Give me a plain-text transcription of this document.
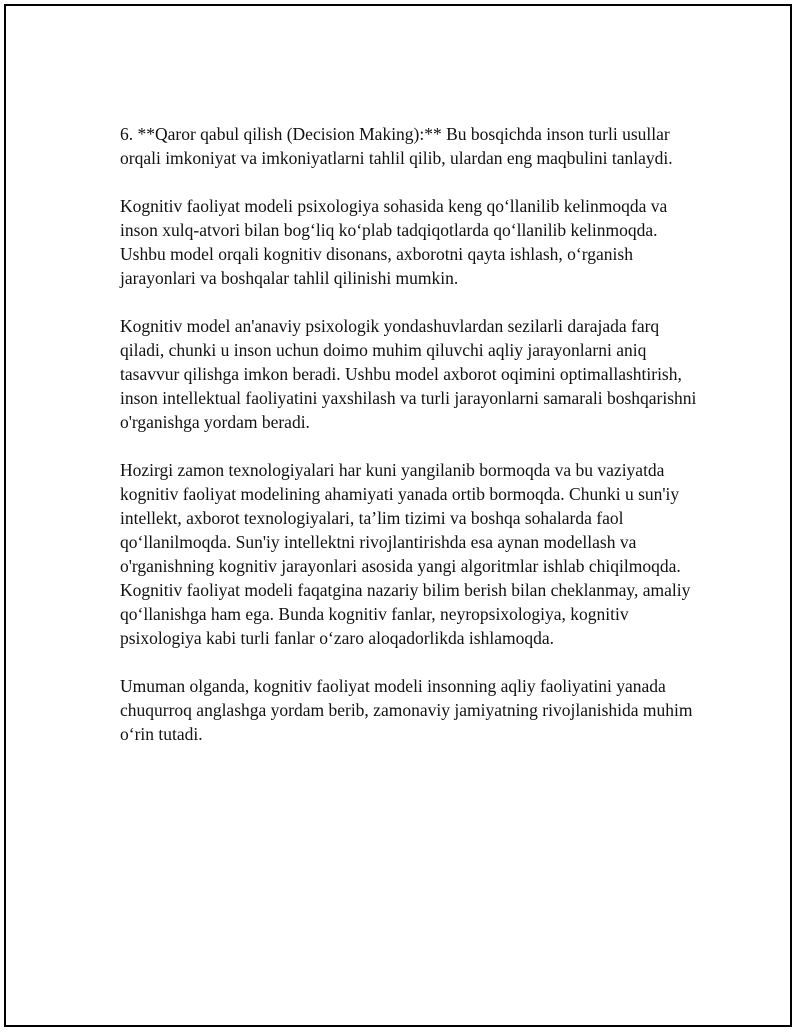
6. **Qaror qabul qilish (Decision Making):** Bu bosqichda inson turli usullar orqali imkoniyat va imkoniyatlarni tahlil qilib, ulardan eng maqbulini tanlaydi.

Kognitiv faoliyat modeli psixologiya sohasida keng qo‘llanilib kelinmoqda va inson xulq-atvori bilan bog‘liq ko‘plab tadqiqotlarda qo‘llanilib kelinmoqda. Ushbu model orqali kognitiv disonans, axborotni qayta ishlash, o‘rganish jarayonlari va boshqalar tahlil qilinishi mumkin.

Kognitiv model an'anaviy psixologik yondashuvlardan sezilarli darajada farq qiladi, chunki u inson uchun doimo muhim qiluvchi aqliy jarayonlarni aniq tasavvur qilishga imkon beradi. Ushbu model axborot oqimini optimallashtirish, inson intellektual faoliyatini yaxshilash va turli jarayonlarni samarali boshqarishni o'rganishga yordam beradi.

Hozirgi zamon texnologiyalari har kuni yangilanib bormoqda va bu vaziyatda kognitiv faoliyat modelining ahamiyati yanada ortib bormoqda. Chunki u sun'iy intellekt, axborot texnologiyalari, ta’lim tizimi va boshqa sohalarda faol qo‘llanilmoqda. Sun'iy intellektni rivojlantirishda esa aynan modellash va o'rganishning kognitiv jarayonlari asosida yangi algoritmlar ishlab chiqilmoqda. Kognitiv faoliyat modeli faqatgina nazariy bilim berish bilan cheklanmay, amaliy qo‘llanishga ham ega. Bunda kognitiv fanlar, neyropsixologiya, kognitiv psixologiya kabi turli fanlar o‘zaro aloqadorlikda ishlamoqda.

Umuman olganda, kognitiv faoliyat modeli insonning aqliy faoliyatini yanada chuqurroq anglashga yordam berib, zamonaviy jamiyatning rivojlanishida muhim o‘rin tutadi.
